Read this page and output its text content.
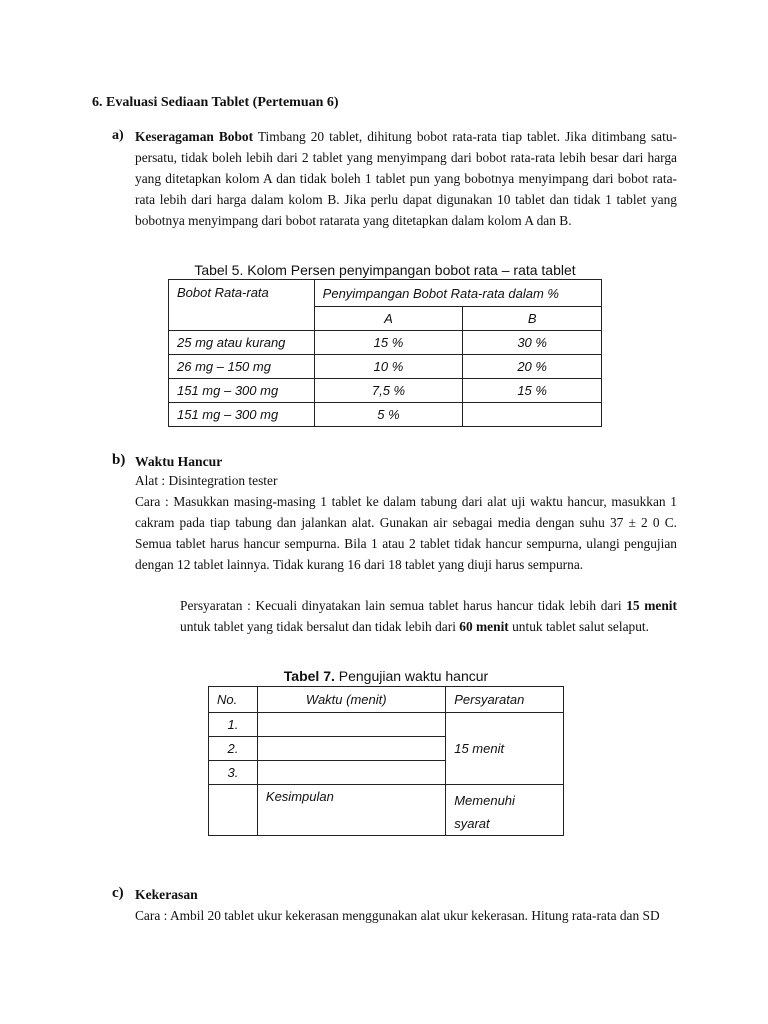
6. Evaluasi Sediaan Tablet (Pertemuan 6)
a) Keseragaman Bobot Timbang 20 tablet, dihitung bobot rata-rata tiap tablet. Jika ditimbang satu-persatu, tidak boleh lebih dari 2 tablet yang menyimpang dari bobot rata-rata lebih besar dari harga yang ditetapkan kolom A dan tidak boleh 1 tablet pun yang bobotnya menyimpang dari bobot rata-rata lebih dari harga dalam kolom B. Jika perlu dapat digunakan 10 tablet dan tidak 1 tablet yang bobotnya menyimpang dari bobot ratarata yang ditetapkan dalam kolom A dan B.
Tabel 5. Kolom Persen penyimpangan bobot rata – rata tablet
Bobot Rata-rata	Penyimpangan Bobot Rata-rata dalam %	
	A	B
25 mg atau kurang	15 %	30 %
26 mg – 150 mg	10 %	20 %
151 mg – 300 mg	7,5 %	15 %
151 mg – 300 mg	5 %	
b) Waktu Hancur
Alat : Disintegration tester
Cara : Masukkan masing-masing 1 tablet ke dalam tabung dari alat uji waktu hancur, masukkan 1 cakram pada tiap tabung dan jalankan alat. Gunakan air sebagai media dengan suhu 37 ± 2 0 C. Semua tablet harus hancur sempurna. Bila 1 atau 2 tablet tidak hancur sempurna, ulangi pengujian dengan 12 tablet lainnya. Tidak kurang 16 dari 18 tablet yang diuji harus sempurna.
Persyaratan : Kecuali dinyatakan lain semua tablet harus hancur tidak lebih dari 15 menit untuk tablet yang tidak bersalut dan tidak lebih dari 60 menit untuk tablet salut selaput.
Tabel 7. Pengujian waktu hancur
No.	Waktu (menit)	Persyaratan
1.		15 menit
2.		
3.		
	Kesimpulan	Memenuhi
syarat
c) Kekerasan
Cara : Ambil 20 tablet ukur kekerasan menggunakan alat ukur kekerasan. Hitung rata-rata dan SD
